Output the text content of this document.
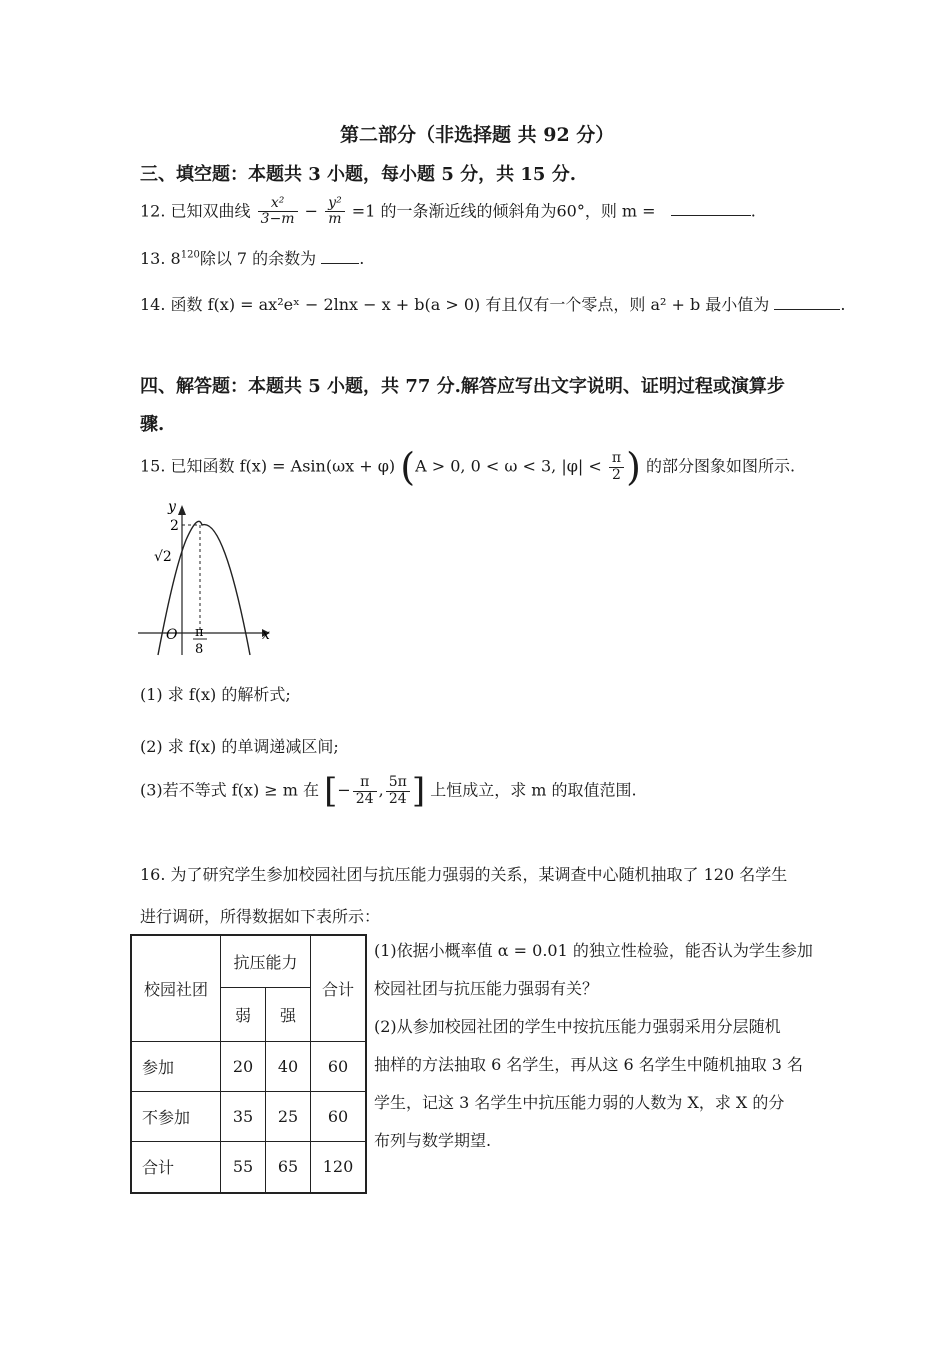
第二部分（非选择题 共 92 分）
三、填空题：本题共 3 小题，每小题 5 分，共 15 分.
12. 已知双曲线 $\frac{\text{x²}}{3-m} - \frac{\text{y²}}{m} =1$ 的一条渐近线的倾斜角为60°，则 m =	.
13. $8^{120}$除以 7 的余数为	.
14. 函数 f(x) = ax²eˣ − 2lnx − x + b(a > 0) 有且仅有一个零点，则 a² + b 最小值为	.
四、解答题：本题共 5 小题，共 77 分.解答应写出文字说明、证明过程或演算步
骤.
15. 已知函数 f(x) = Asin(ωx + φ) (A > 0, 0 < ω < 3, $|\varphi| < \frac{\pi}{2}$ ) 的部分图象如图所示.
y
2
√2
O π
8
x
(1) 求 f(x) 的解析式;
(2) 求 f(x) 的单调递减区间;
(3)若不等式 f(x) ≥ m 在 [− $\frac{\pi}{24}$ , $\frac{5\pi}{24}$ ] 上恒成立，求 m 的取值范围.
16. 为了研究学生参加校园社团与抗压能力强弱的关系，某调查中心随机抽取了 120 名学生
进行调研，所得数据如下表所示：
校园社团	抗压能力		合计
	弱	强	
参加	20	40	60
不参加	35	25	60
合计	55	65	120
(1)依据小概率值 α = 0.01 的独立性检验，能否认为学生参加
校园社团与抗压能力强弱有关？
(2)从参加校园社团的学生中按抗压能力强弱采用分层随机
抽样的方法抽取 6 名学生，再从这 6 名学生中随机抽取 3 名
学生，记这 3 名学生中抗压能力弱的人数为 X，求 X 的分
布列与数学期望.
